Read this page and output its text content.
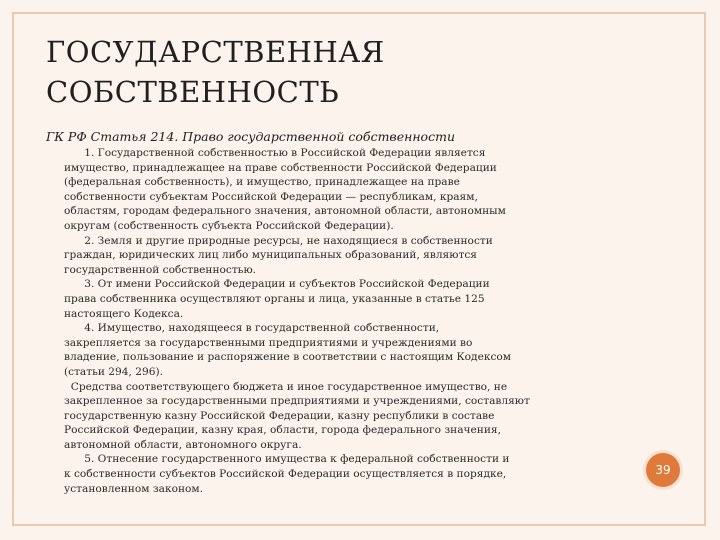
ГОСУДАРСТВЕННАЯ
СОБСТВЕННОСТЬ
ГК РФ Статья 214. Право государственной собственности
1. Государственной собственностью в Российской Федерации является
имущество, принадлежащее на праве собственности Российской Федерации
(федеральная собственность), и имущество, принадлежащее на праве
собственности субъектам Российской Федерации — республикам, краям,
областям, городам федерального значения, автономной области, автономным
округам (собственность субъекта Российской Федерации).
2. Земля и другие природные ресурсы, не находящиеся в собственности
граждан, юридических лиц либо муниципальных образований, являются
государственной собственностью.
3. От имени Российской Федерации и субъектов Российской Федерации
права собственника осуществляют органы и лица, указанные в статье 125
настоящего Кодекса.
4. Имущество, находящееся в государственной собственности,
закрепляется за государственными предприятиями и учреждениями во
владение, пользование и распоряжение в соответствии с настоящим Кодексом
(статьи 294, 296).
Средства соответствующего бюджета и иное государственное имущество, не
закрепленное за государственными предприятиями и учреждениями, составляют
государственную казну Российской Федерации, казну республики в составе
Российской Федерации, казну края, области, города федерального значения,
автономной области, автономного округа.
5. Отнесение государственного имущества к федеральной собственности и
к собственности субъектов Российской Федерации осуществляется в порядке,
установленном законом.
39
